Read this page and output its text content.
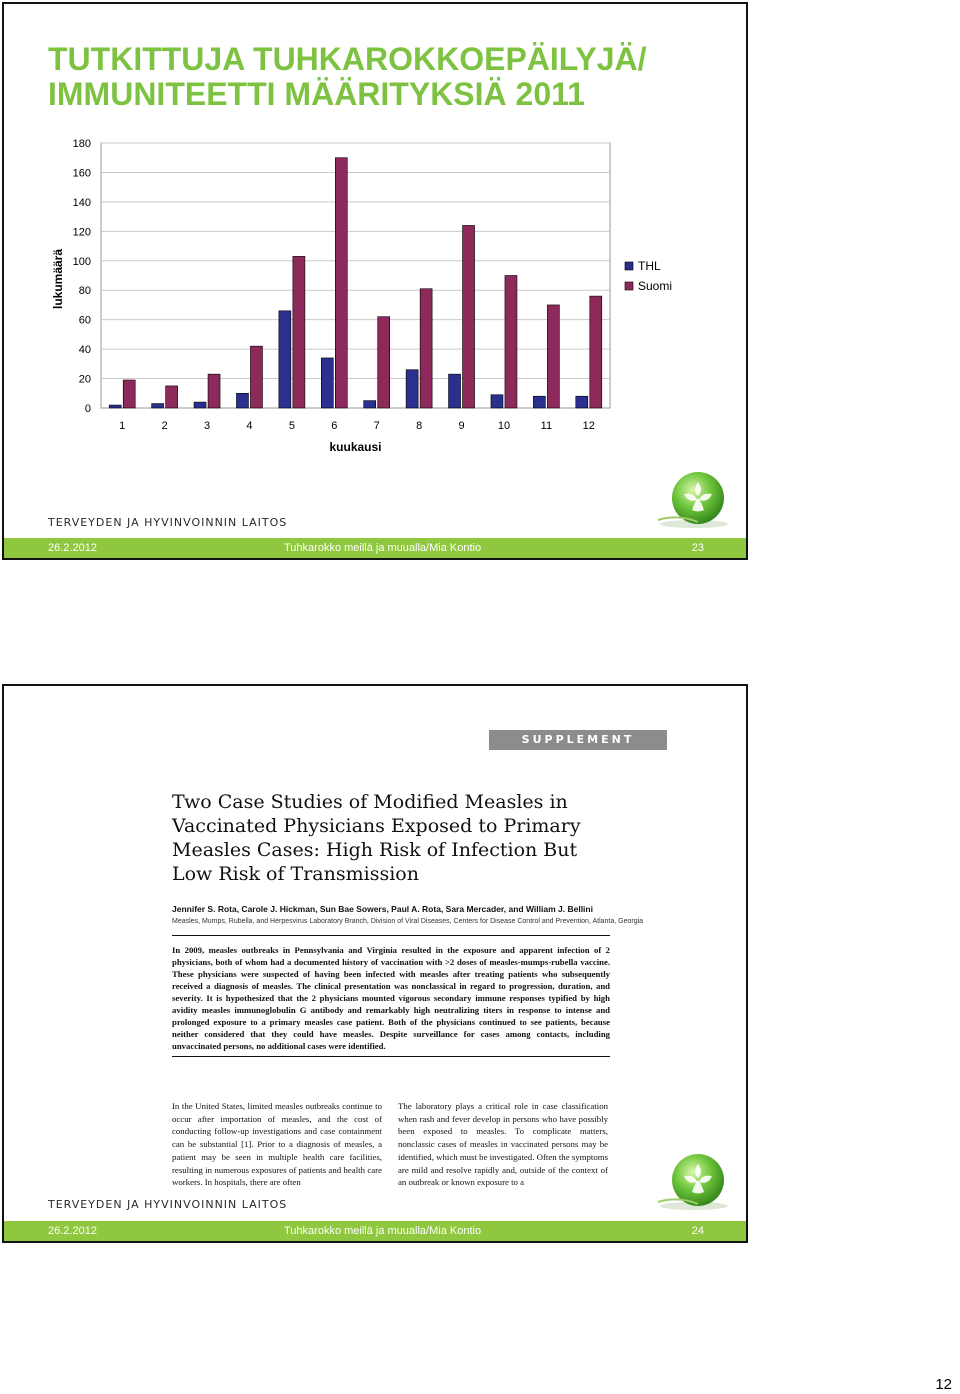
TUTKITTUJA TUHKAROKKOEPÄILYJÄ/
IMMUNITEETTI MÄÄRITYKSIÄ 2011
0
20
40
60
80
100
120
140
160
180
1	2	3	4	5	6	7	8	9	10	11	12
kuukausi
lukumäärä	THL
Suomi
TERVEYDEN JA HYVINVOINNIN LAITOS
26.2.2012	Tuhkarokko meillä ja muualla/Mia Kontio	23
SUPPLEMENT ARTICLE
Two Case Studies of Modified Measles in
Vaccinated Physicians Exposed to Primary
Measles Cases: High Risk of Infection But
Low Risk of Transmission
Jennifer S. Rota, Carole J. Hickman, Sun Bae Sowers, Paul A. Rota, Sara Mercader, and William J. Bellini
Measles, Mumps, Rubella, and Herpesvirus Laboratory Branch, Division of Viral Diseases, Centers for Disease Control and Prevention, Atlanta, Georgia
In 2009, measles outbreaks in Pennsylvania and Virginia resulted in the exposure and apparent infection of 2 physicians, both of whom had a documented history of vaccination with >2 doses of measles-mumps-rubella vaccine. These physicians were suspected of having been infected with measles after treating patients who subsequently received a diagnosis of measles. The clinical presentation was nonclassical in regard to progression, duration, and severity. It is hypothesized that the 2 physicians mounted vigorous secondary immune responses typified by high avidity measles immunoglobulin G antibody and remarkably high neutralizing titers in response to intense and prolonged exposure to a primary measles case patient. Both of the physicians continued to see patients, because neither considered that they could have measles. Despite surveillance for cases among contacts, including unvaccinated persons, no additional cases were identified.
In the United States, limited measles outbreaks continue to occur after importation of measles, and the cost of conducting follow-up investigations and case containment can be substantial [1]. Prior to a diagnosis of measles, a patient may be seen in multiple health care facilities, resulting in numerous exposures of patients and health care workers. In hospitals, there are often
The laboratory plays a critical role in case classification when rash and fever develop in persons who have possibly been exposed to measles. To complicate matters, nonclassic cases of measles in vaccinated persons may be identified, which must be investigated. Often the symptoms are mild and resolve rapidly and, outside of the context of an outbreak or known exposure to a
TERVEYDEN JA HYVINVOINNIN LAITOS
26.2.2012	Tuhkarokko meillä ja muualla/Mia Kontio	24
12
